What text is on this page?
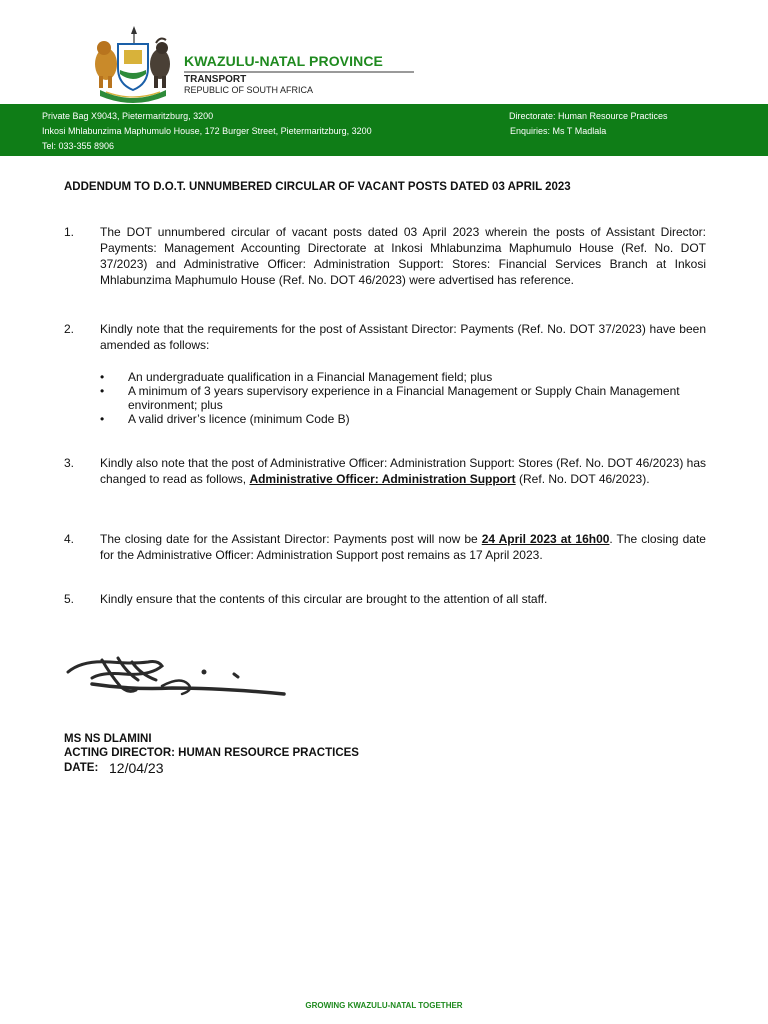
KWAZULU-NATAL PROVINCE
TRANSPORT
REPUBLIC OF SOUTH AFRICA
Private Bag X9043, Pietermaritzburg, 3200
Inkosi Mhlabunzima Maphumulo House, 172 Burger Street, Pietermaritzburg, 3200
Tel: 033-355 8906
Directorate: Human Resource Practices
Enquiries: Ms T Madlala
ADDENDUM TO D.O.T. UNNUMBERED CIRCULAR OF VACANT POSTS DATED 03 APRIL 2023
1. The DOT unnumbered circular of vacant posts dated 03 April 2023 wherein the posts of Assistant Director: Payments: Management Accounting Directorate at Inkosi Mhlabunzima Maphumulo House (Ref. No. DOT 37/2023) and Administrative Officer: Administration Support: Stores: Financial Services Branch at Inkosi Mhlabunzima Maphumulo House (Ref. No. DOT 46/2023) were advertised has reference.
2. Kindly note that the requirements for the post of Assistant Director: Payments (Ref. No. DOT 37/2023) have been amended as follows:
• An undergraduate qualification in a Financial Management field; plus
• A minimum of 3 years supervisory experience in a Financial Management or Supply Chain Management environment; plus
• A valid driver’s licence (minimum Code B)
3. Kindly also note that the post of Administrative Officer: Administration Support: Stores (Ref. No. DOT 46/2023) has changed to read as follows, Administrative Officer: Administration Support (Ref. No. DOT 46/2023).
4. The closing date for the Assistant Director: Payments post will now be 24 April 2023 at 16h00. The closing date for the Administrative Officer: Administration Support post remains as 17 April 2023.
5. Kindly ensure that the contents of this circular are brought to the attention of all staff.
MS NS DLAMINI
ACTING DIRECTOR: HUMAN RESOURCE PRACTICES
DATE: 12/04/23
GROWING KWAZULU-NATAL TOGETHER
